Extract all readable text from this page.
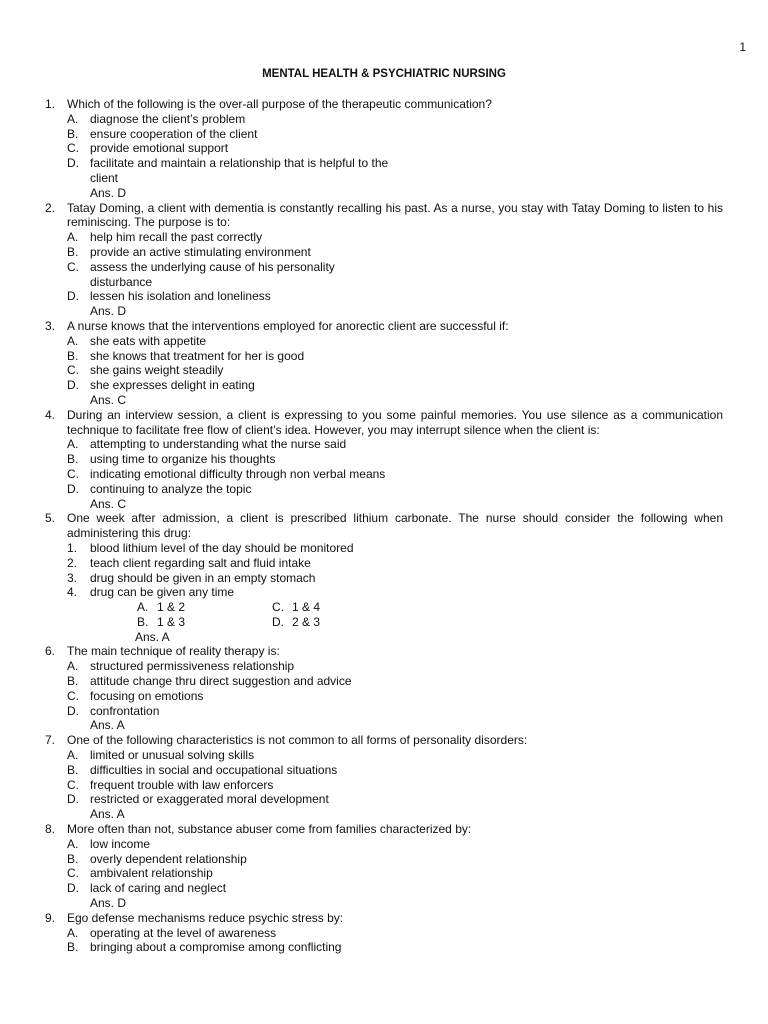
1
MENTAL HEALTH & PSYCHIATRIC NURSING
1. Which of the following is the over-all purpose of the therapeutic communication?
A. diagnose the client’s problem
B. ensure cooperation of the client
C. provide emotional support
D. facilitate and maintain a relationship that is helpful to the client
Ans. D
2. Tatay Doming, a client with dementia is constantly recalling his past. As a nurse, you stay with Tatay Doming to listen to his reminiscing. The purpose is to:
A. help him recall the past correctly
B. provide an active stimulating environment
C. assess the underlying cause of his personality disturbance
D. lessen his isolation and loneliness
Ans. D
3. A nurse knows that the interventions employed for anorectic client are successful if:
A. she eats with appetite
B. she knows that treatment for her is good
C. she gains weight steadily
D. she expresses delight in eating
Ans. C
4. During an interview session, a client is expressing to you some painful memories. You use silence as a communication technique to facilitate free flow of client’s idea. However, you may interrupt silence when the client is:
A. attempting to understanding what the nurse said
B. using time to organize his thoughts
C. indicating emotional difficulty through non verbal means
D. continuing to analyze the topic
Ans. C
5. One week after admission, a client is prescribed lithium carbonate. The nurse should consider the following when administering this drug:
1.	blood lithium level of the day should be monitored
2.	teach client regarding salt and fluid intake
3.	drug should be given in an empty stomach
4.	drug can be given any time
A. 1 & 2	C. 1 & 4
B. 1 & 3	D. 2 & 3
Ans. A
6. The main technique of reality therapy is:
A. structured permissiveness relationship
B. attitude change thru direct suggestion and advice
C. focusing on emotions
D. confrontation
Ans. A
7. One of the following characteristics is not common to all forms of personality disorders:
A. limited or unusual solving skills
B. difficulties in social and occupational situations
C. frequent trouble with law enforcers
D. restricted or exaggerated moral development
Ans. A
8. More often than not, substance abuser come from families characterized by:
A. low income
B. overly dependent relationship
C. ambivalent relationship
D. lack of caring and neglect
Ans. D
9. Ego defense mechanisms reduce psychic stress by:
A. operating at the level of awareness
B. bringing about a compromise among conflicting
